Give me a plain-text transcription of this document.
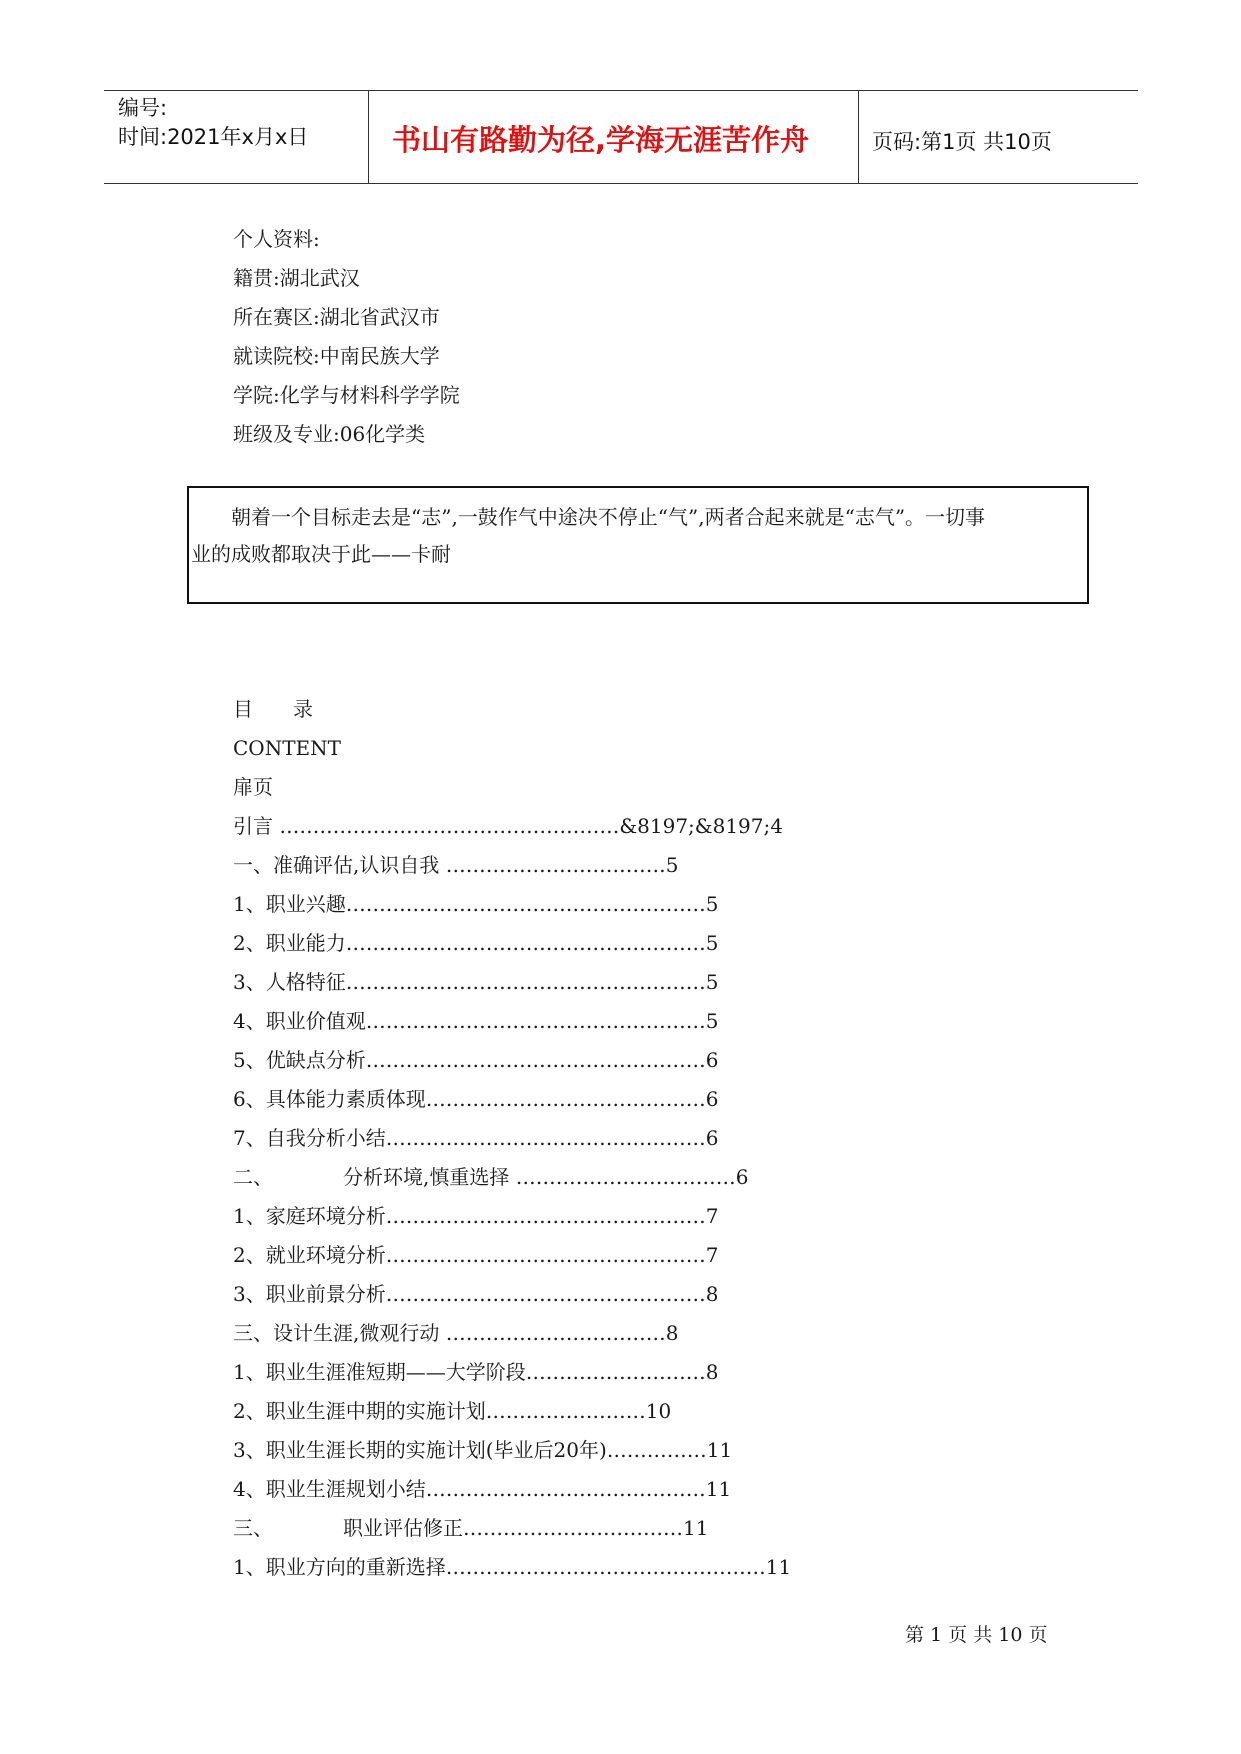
编号:
时间:2021年x月x日	书山有路勤为径,学海无涯苦作舟	页码:第1页 共10页
个人资料:
籍贯:湖北武汉
所在赛区:湖北省武汉市
就读院校:中南民族大学
学院:化学与材料科学学院
班级及专业:06化学类
　　朝着一个目标走去是“志”,一鼓作气中途决不停止“气”,两者合起来就是“志气”。一切事
业的成败都取决于此——卡耐
目　　录
CONTENT
扉页
引言 ……………………………………………&8197;&8197;4
一、准确评估,认识自我 ……………………………5
1、职业兴趣………………………………………………5
2、职业能力………………………………………………5
3、人格特征………………………………………………5
4、职业价值观……………………………………………5
5、优缺点分析……………………………………………6
6、具体能力素质体现……………………………………6
7、自我分析小结…………………………………………6
二、　　　　分析环境,慎重选择 ……………………………6
1、家庭环境分析…………………………………………7
2、就业环境分析…………………………………………7
3、职业前景分析…………………………………………8
三、设计生涯,微观行动 ……………………………8
1、职业生涯准短期——大学阶段………………………8
2、职业生涯中期的实施计划……………………10
3、职业生涯长期的实施计划(毕业后20年)……………11
4、职业生涯规划小结……………………………………11
三、　　　　职业评估修正……………………………11
1、职业方向的重新选择…………………………………………11
第 1 页 共 10 页
